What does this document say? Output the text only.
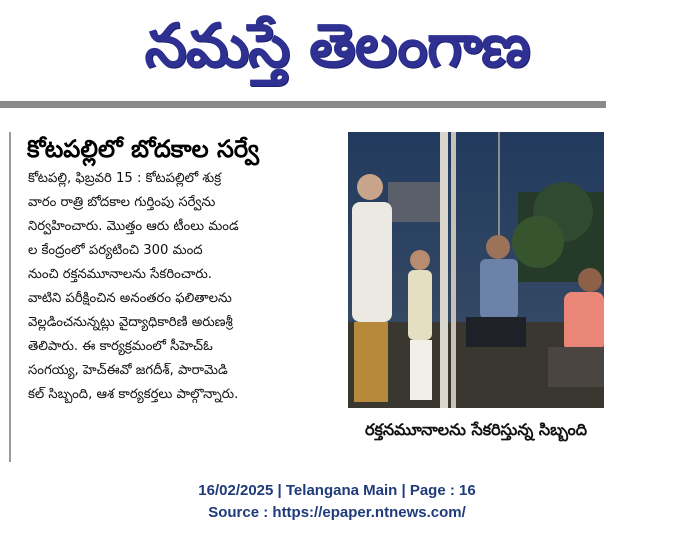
నమస్తే తెలంగాణ
కోటపల్లిలో బోదకాల సర్వే
కోటపల్లి, ఫిబ్రవరి 15 : కోటపల్లిలో శుక్ర
వారం రాత్రి బోదకాల గుర్తింపు సర్వేను
నిర్వహించారు. మొత్తం ఆరు టీంలు మండ
ల కేంద్రంలో పర్యటించి 300 మంద
నుంచి రక్తనమూనాలను సేకరించారు.
వాటిని పరీక్షించిన అనంతరం ఫలితాలను
వెల్లడించనున్నట్లు వైద్యాధికారిణి అరుణశ్రీ
తెలిపారు. ఈ కార్యక్రమంలో సీహెచ్‌ఓ
సంగయ్య, హెచ్‌ఈవో జగదీశ్, పారామెడి
కల్ సిబ్బంది, ఆశ కార్యకర్తలు పాల్గొన్నారు.
రక్తనమూనాలను సేకరిస్తున్న సిబ్బంది
16/02/2025 | Telangana Main | Page : 16
Source : https://epaper.ntnews.com/
